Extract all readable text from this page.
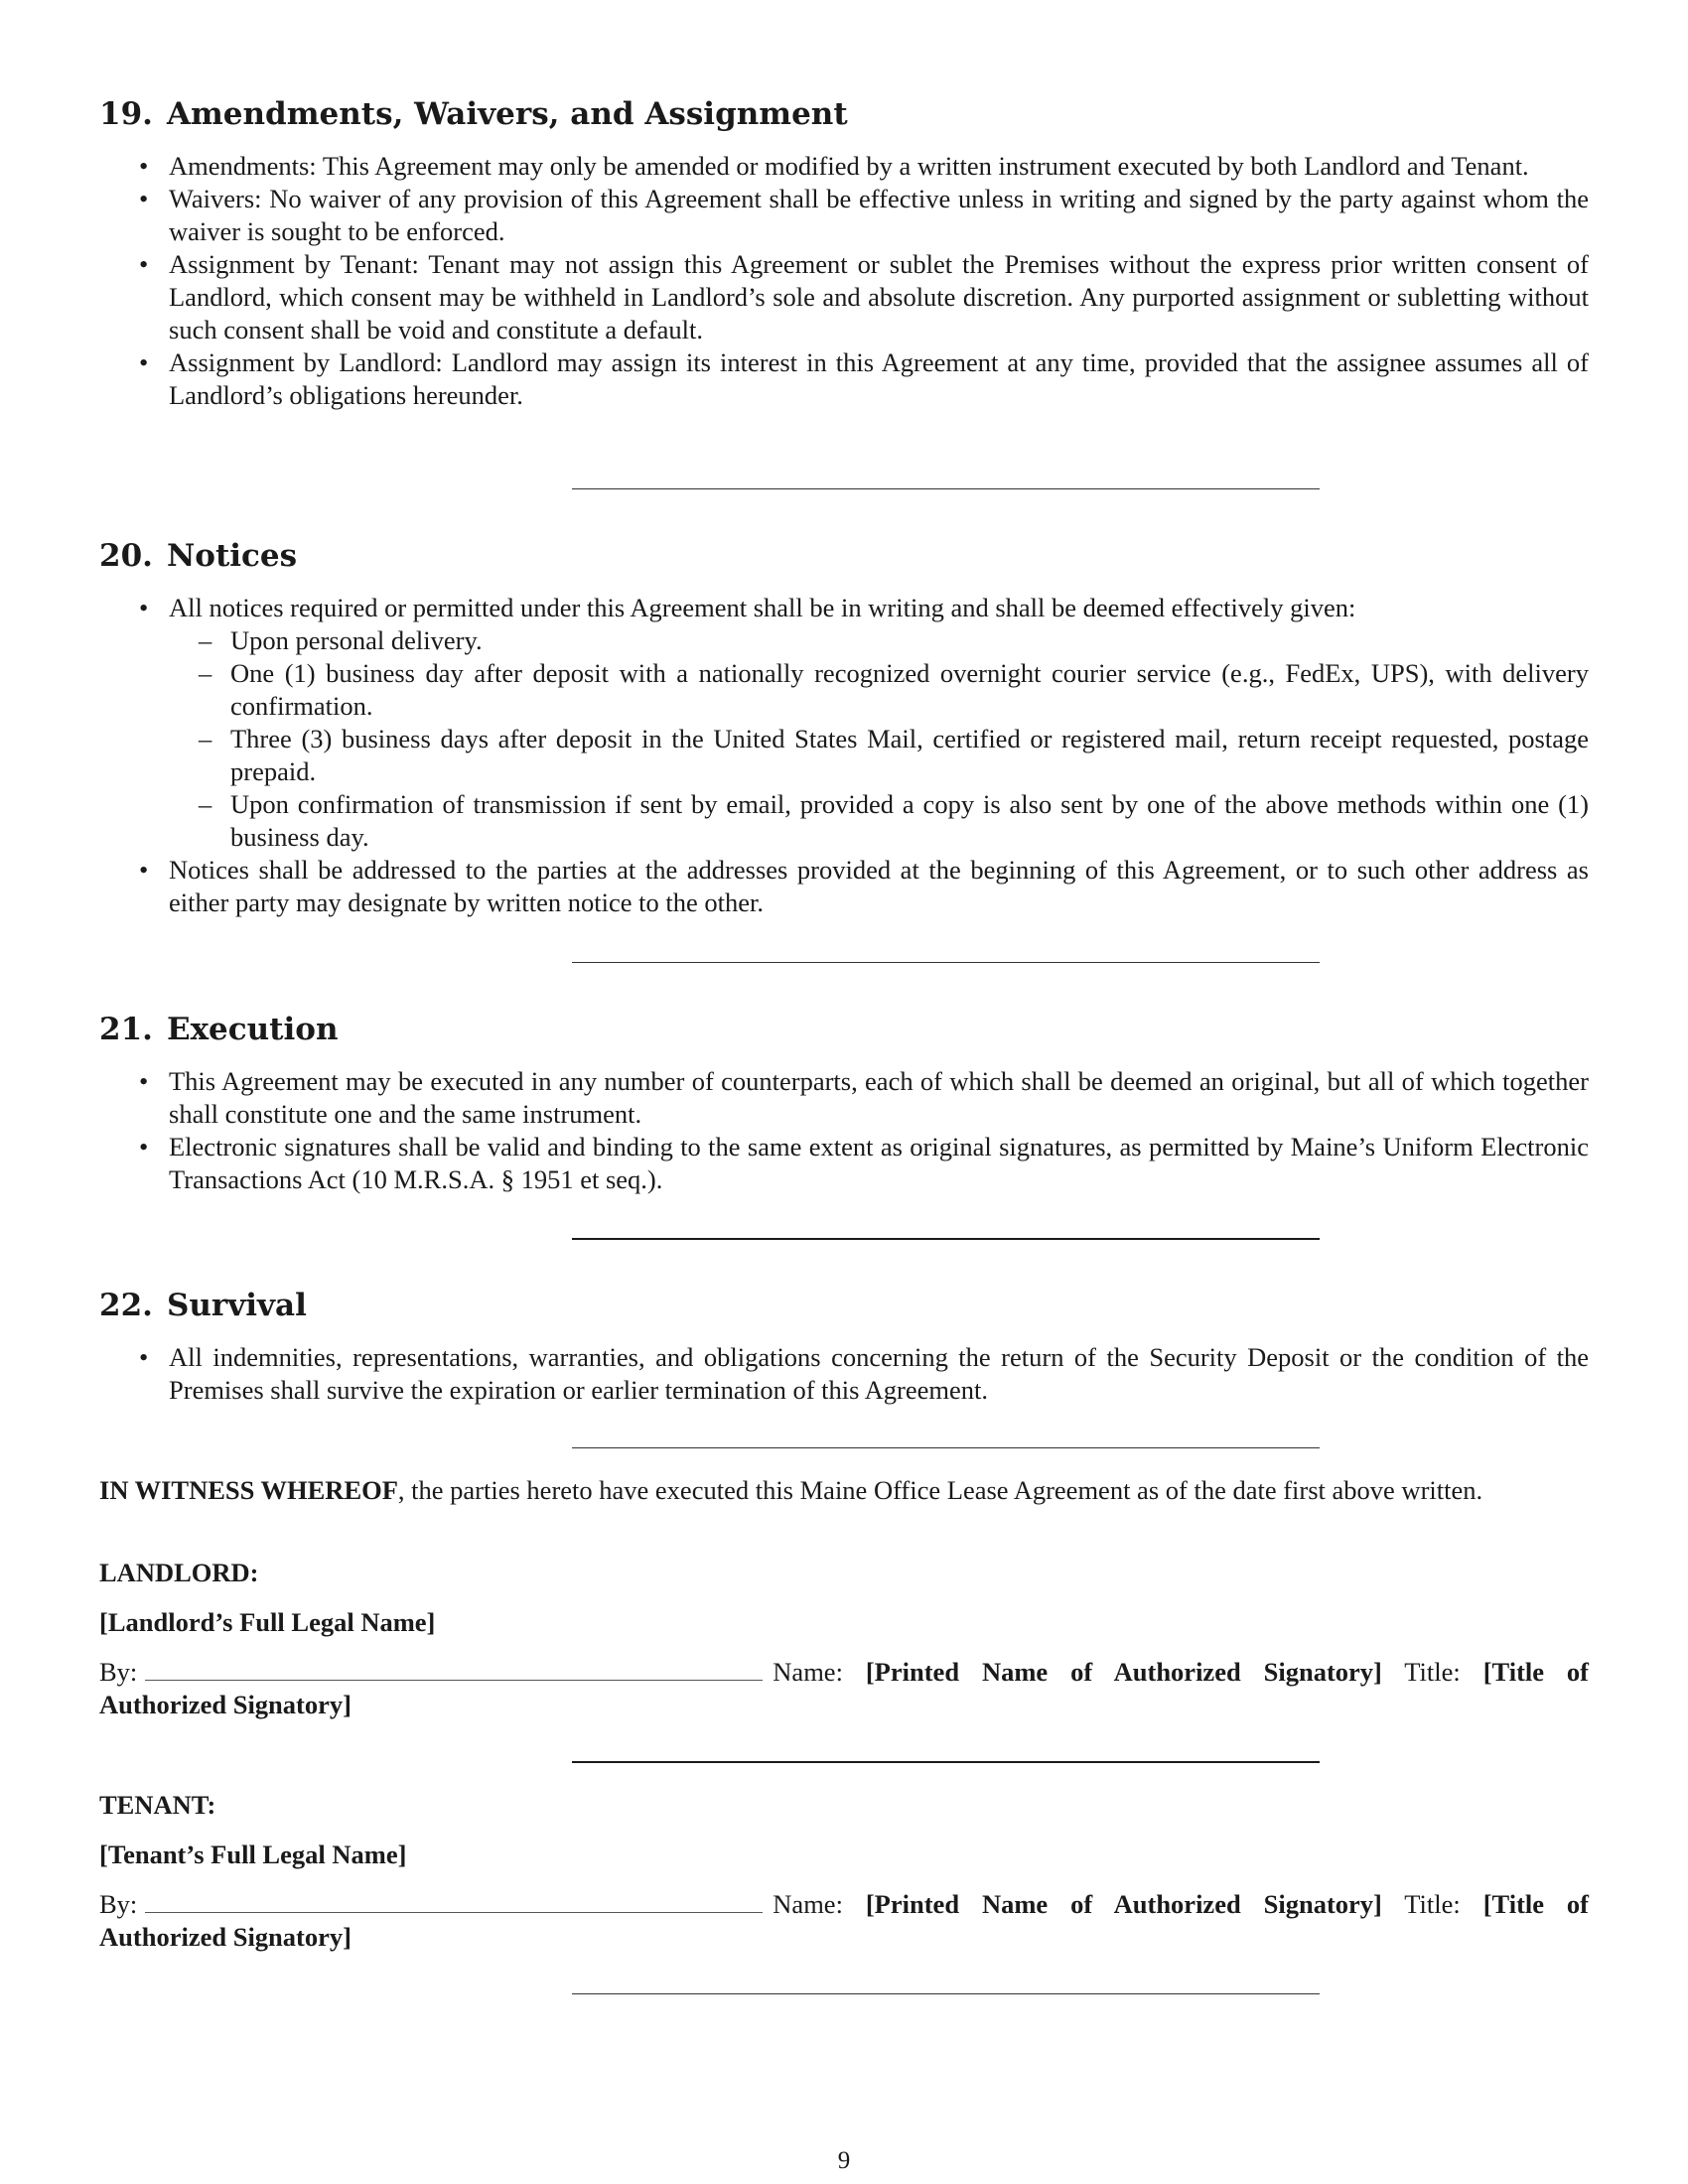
19. Amendments, Waivers, and Assignment
• Amendments: This Agreement may only be amended or modified by a written instrument executed by both Landlord and Tenant.
• Waivers: No waiver of any provision of this Agreement shall be effective unless in writing and signed by the party against whom the waiver is sought to be enforced.
• Assignment by Tenant: Tenant may not assign this Agreement or sublet the Premises without the express prior written consent of Landlord, which consent may be withheld in Landlord’s sole and absolute discretion. Any purported assignment or subletting without such consent shall be void and constitute a default.
• Assignment by Landlord: Landlord may assign its interest in this Agreement at any time, provided that the assignee assumes all of Landlord’s obligations hereunder.
20. Notices
• All notices required or permitted under this Agreement shall be in writing and shall be deemed effectively given:
– Upon personal delivery.
– One (1) business day after deposit with a nationally recognized overnight courier service (e.g., FedEx, UPS), with delivery confirmation.
– Three (3) business days after deposit in the United States Mail, certified or registered mail, return receipt requested, postage prepaid.
– Upon confirmation of transmission if sent by email, provided a copy is also sent by one of the above methods within one (1) business day.
• Notices shall be addressed to the parties at the addresses provided at the beginning of this Agreement, or to such other address as either party may designate by written notice to the other.
21. Execution
• This Agreement may be executed in any number of counterparts, each of which shall be deemed an original, but all of which together shall constitute one and the same instrument.
• Electronic signatures shall be valid and binding to the same extent as original signatures, as permitted by Maine’s Uniform Electronic Transactions Act (10 M.R.S.A. § 1951 et seq.).
22. Survival
• All indemnities, representations, warranties, and obligations concerning the return of the Security Deposit or the condition of the Premises shall survive the expiration or earlier termination of this Agreement.
IN WITNESS WHEREOF, the parties hereto have executed this Maine Office Lease Agreement as of the date first above written.
LANDLORD:
[Landlord’s Full Legal Name]
By:	Name: [Printed Name of Authorized Signatory] Title: [Title of Authorized Signatory]
TENANT:
[Tenant’s Full Legal Name]
By:	Name: [Printed Name of Authorized Signatory] Title: [Title of Authorized Signatory]
9
